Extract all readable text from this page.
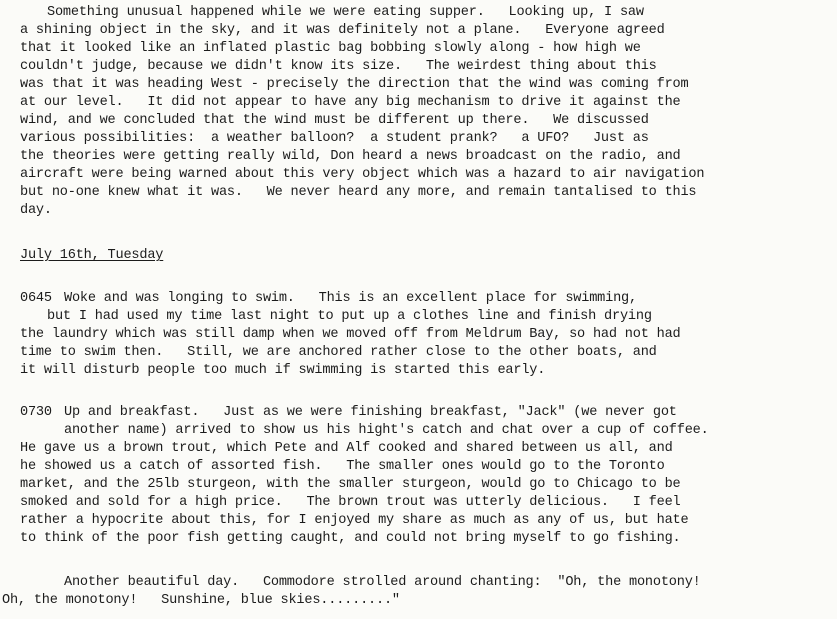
Something unusual happened while we were eating supper.   Looking up, I saw
a shining object in the sky, and it was definitely not a plane.   Everyone agreed
that it looked like an inflated plastic bag bobbing slowly along - how high we
couldn't judge, because we didn't know its size.   The weirdest thing about this
was that it was heading West - precisely the direction that the wind was coming from
at our level.   It did not appear to have any big mechanism to drive it against the
wind, and we concluded that the wind must be different up there.   We discussed
various possibilities:  a weather balloon?  a student prank?   a UFO?   Just as
the theories were getting really wild, Don heard a news broadcast on the radio, and
aircraft were being warned about this very object which was a hazard to air navigation
but no-one knew what it was.   We never heard any more, and remain tantalised to this
day.
July 16th, Tuesday
0645 Woke and was longing to swim.   This is an excellent place for swimming,
but I had used my time last night to put up a clothes line and finish drying
the laundry which was still damp when we moved off from Meldrum Bay, so had not had
time to swim then.   Still, we are anchored rather close to the other boats, and
it will disturb people too much if swimming is started this early.
0730 Up and breakfast.   Just as we were finishing breakfast, "Jack" (we never got
another name) arrived to show us his hight's catch and chat over a cup of coffee.
He gave us a brown trout, which Pete and Alf cooked and shared between us all, and
he showed us a catch of assorted fish.   The smaller ones would go to the Toronto
market, and the 25lb sturgeon, with the smaller sturgeon, would go to Chicago to be
smoked and sold for a high price.   The brown trout was utterly delicious.   I feel
rather a hypocrite about this, for I enjoyed my share as much as any of us, but hate
to think of the poor fish getting caught, and could not bring myself to go fishing.
Another beautiful day.   Commodore strolled around chanting:  "Oh, the monotony!
Oh, the monotony!   Sunshine, blue skies........."
